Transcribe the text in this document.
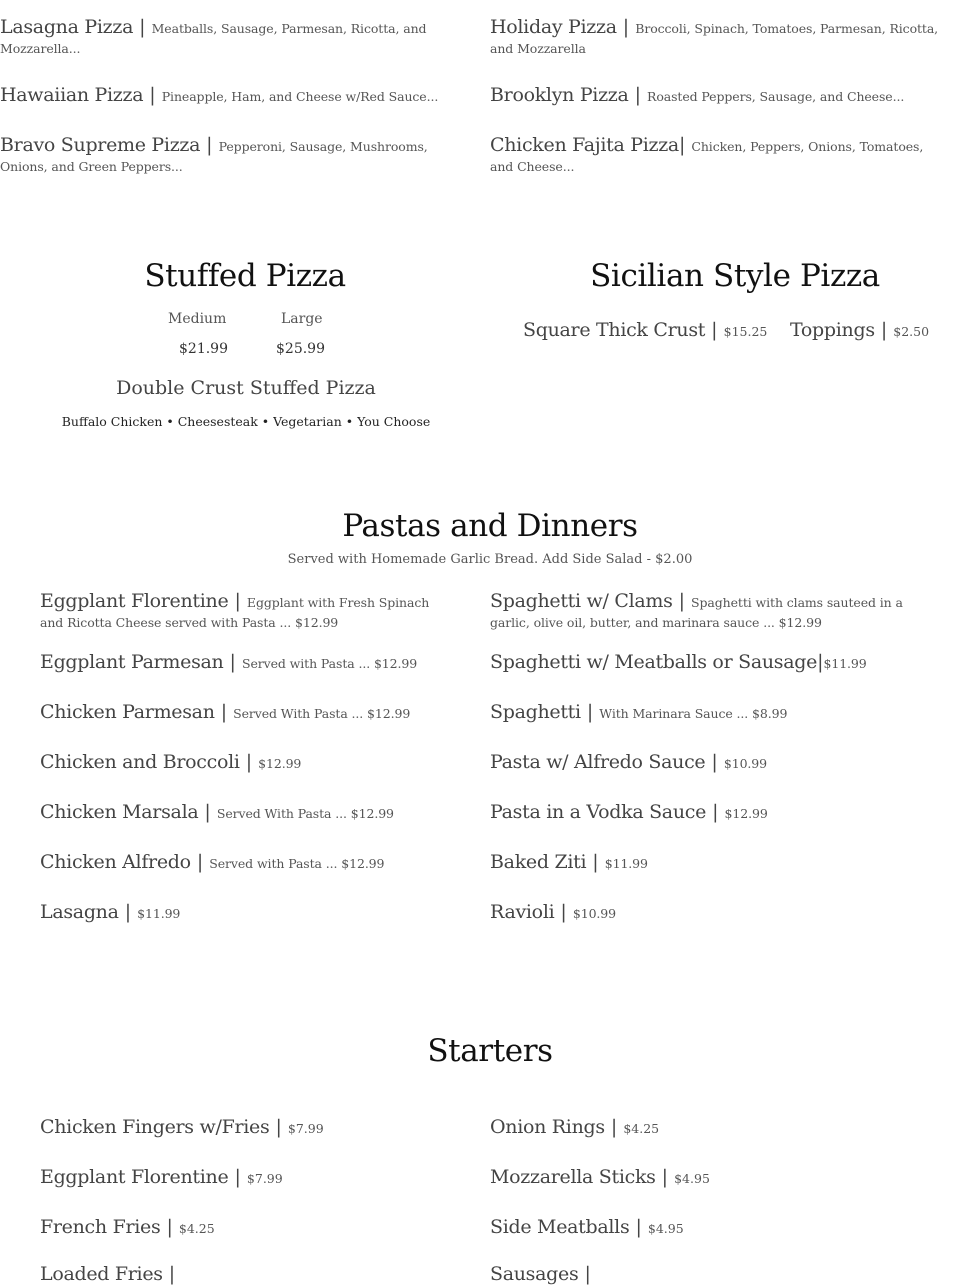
Lasagna Pizza | Meatballs, Sausage, Parmesan, Ricotta, and Mozzarella...
Holiday Pizza | Broccoli, Spinach, Tomatoes, Parmesan, Ricotta, and Mozzarella
Hawaiian Pizza | Pineapple, Ham, and Cheese w/Red Sauce...	Brooklyn Pizza | Roasted Peppers, Sausage, and Cheese...
Bravo Supreme Pizza | Pepperoni, Sausage, Mushrooms, Onions, and Green Peppers...
Chicken Fajita Pizza| Chicken, Peppers, Onions, Tomatoes, and Cheese...
Stuffed Pizza
Medium	Large
$21.99	$25.99
Double Crust Stuffed Pizza
Buffalo Chicken • Cheesesteak • Vegetarian • You Choose
Sicilian Style Pizza
Square Thick Crust | $15.25 Toppings | $2.50
Pastas and Dinners
Served with Homemade Garlic Bread. Add Side Salad - $2.00
Eggplant Florentine | Eggplant with Fresh Spinach and Ricotta Cheese served with Pasta ... $12.99
Eggplant Parmesan | Served with Pasta ... $12.99
Chicken Parmesan | Served With Pasta ... $12.99
Chicken and Broccoli | $12.99
Chicken Marsala | Served With Pasta ... $12.99
Chicken Alfredo | Served with Pasta ... $12.99
Lasagna | $11.99
Spaghetti w/ Clams | Spaghetti with clams sauteed in a garlic, olive oil, butter, and marinara sauce ... $12.99
Spaghetti w/ Meatballs or Sausage|$11.99
Spaghetti | With Marinara Sauce ... $8.99
Pasta w/ Alfredo Sauce | $10.99
Pasta in a Vodka Sauce | $12.99
Baked Ziti | $11.99
Ravioli | $10.99
Starters
Chicken Fingers w/Fries | $7.99
Eggplant Florentine | $7.99
French Fries | $4.25
Loaded Fries |
Onion Rings | $4.25
Mozzarella Sticks | $4.95
Side Meatballs | $4.95
Sausages |
